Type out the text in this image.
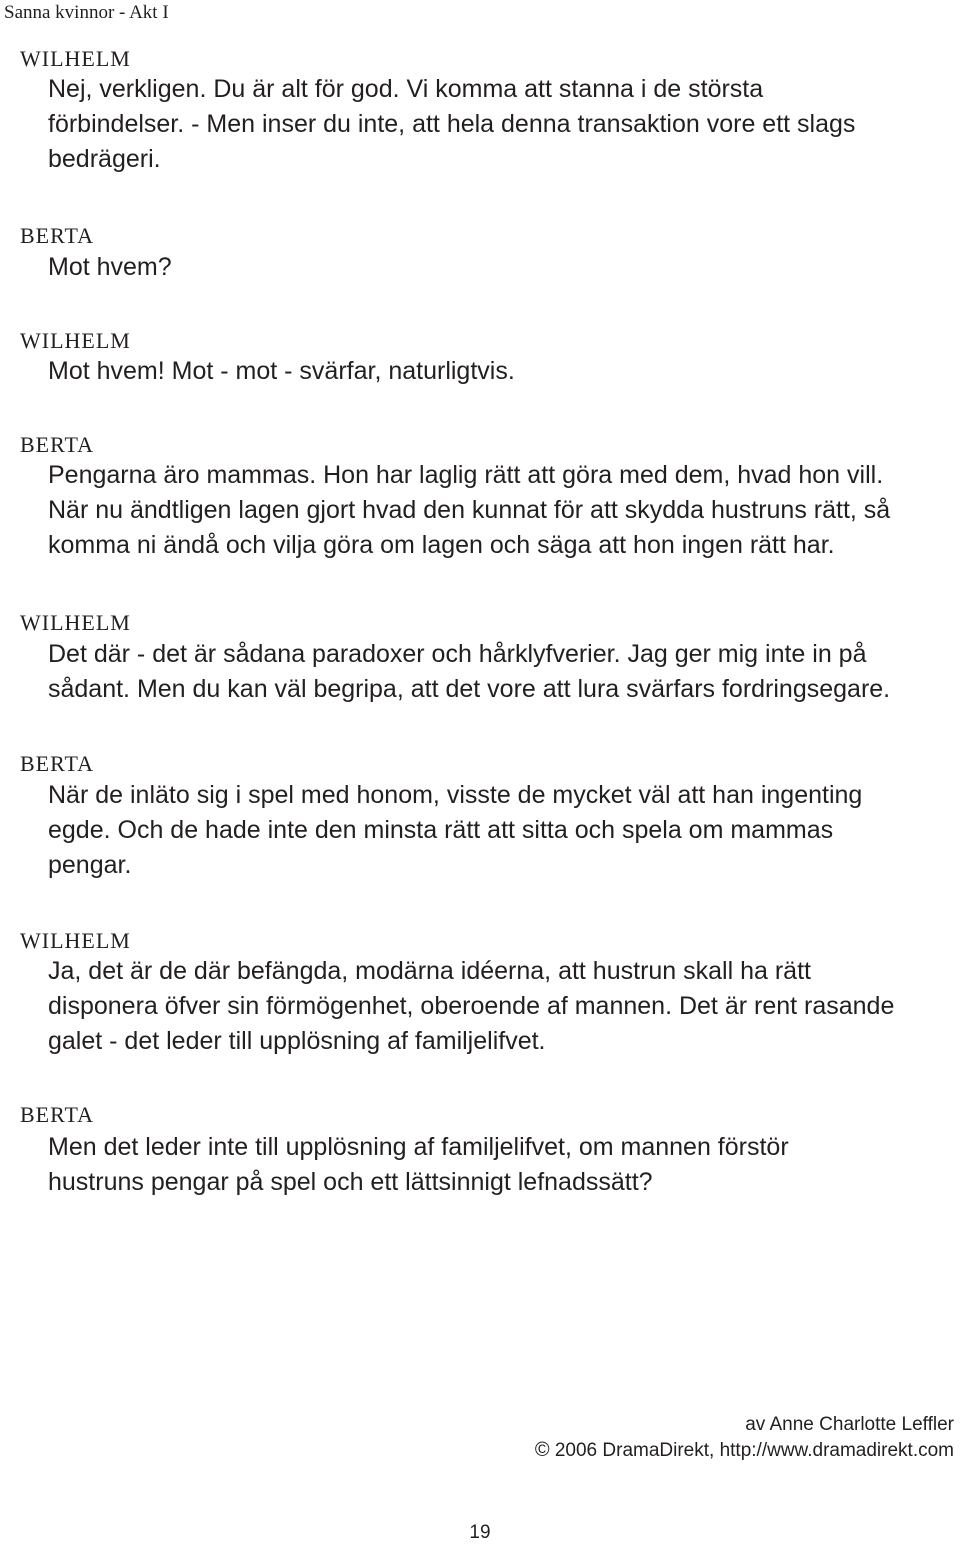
Sanna kvinnor - Akt I
WILHELM
Nej, verkligen. Du är alt för god. Vi komma att stanna i de största
förbindelser. - Men inser du inte, att hela denna transaktion vore ett slags
bedrägeri.
BERTA
Mot hvem?
WILHELM
Mot hvem! Mot - mot - svärfar, naturligtvis.
BERTA
Pengarna äro mammas. Hon har laglig rätt att göra med dem, hvad hon vill.
När nu ändtligen lagen gjort hvad den kunnat för att skydda hustruns rätt, så
komma ni ändå och vilja göra om lagen och säga att hon ingen rätt har.
WILHELM
Det där - det är sådana paradoxer och hårklyfverier. Jag ger mig inte in på
sådant. Men du kan väl begripa, att det vore att lura svärfars fordringsegare.
BERTA
När de inläto sig i spel med honom, visste de mycket väl att han ingenting
egde. Och de hade inte den minsta rätt att sitta och spela om mammas
pengar.
WILHELM
Ja, det är de där befängda, modärna idéerna, att hustrun skall ha rätt
disponera öfver sin förmögenhet, oberoende af mannen. Det är rent rasande
galet - det leder till upplösning af familjelifvet.
BERTA
Men det leder inte till upplösning af familjelifvet, om mannen förstör
hustruns pengar på spel och ett lättsinnigt lefnadssätt?
av Anne Charlotte Leffler
© 2006 DramaDirekt, http://www.dramadirekt.com
19
